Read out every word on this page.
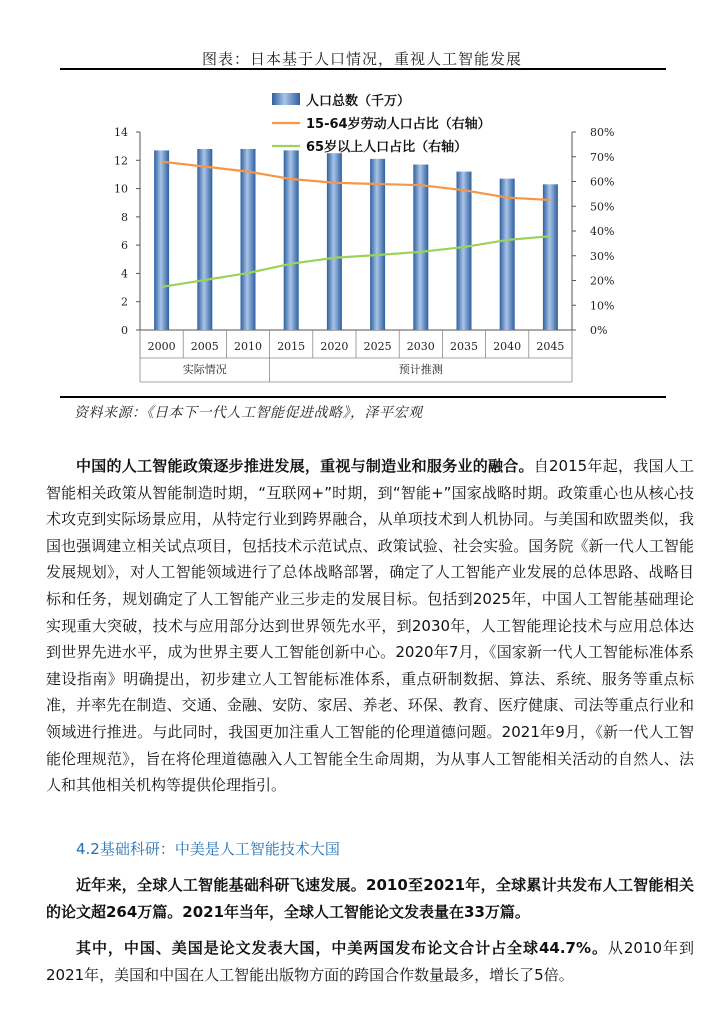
图表：日本基于人口情况，重视人工智能发展
0
2
4
6
8
10
12
14
0%
10%
20%
30%
40%
50%
60%
70%
80%
2000 2005 2010 2015 2020 2025 2030 2035 2040 2045
实际情况	预计推测
人口总数（千万）
15-64岁劳动人口占比（右轴）
65岁以上人口占比（右轴）
资料来源：《日本下一代人工智能促进战略》，泽平宏观

中国的人工智能政策逐步推进发展，重视与制造业和服务业的融合。自2015年起，我国人工智能相关政策从智能制造时期，“互联网+”时期，到“智能+”国家战略时期。政策重心也从核心技术攻克到实际场景应用，从特定行业到跨界融合，从单项技术到人机协同。与美国和欧盟类似，我国也强调建立相关试点项目，包括技术示范试点、政策试验、社会实验。国务院《新一代人工智能发展规划》，对人工智能领域进行了总体战略部署，确定了人工智能产业发展的总体思路、战略目标和任务，规划确定了人工智能产业三步走的发展目标。包括到2025年，中国人工智能基础理论实现重大突破，技术与应用部分达到世界领先水平，到2030年，人工智能理论技术与应用总体达到世界先进水平，成为世界主要人工智能创新中心。2020年7月，《国家新一代人工智能标准体系建设指南》明确提出，初步建立人工智能标准体系，重点研制数据、算法、系统、服务等重点标准，并率先在制造、交通、金融、安防、家居、养老、环保、教育、医疗健康、司法等重点行业和领域进行推进。与此同时，我国更加注重人工智能的伦理道德问题。2021年9月，《新一代人工智能伦理规范》，旨在将伦理道德融入人工智能全生命周期，为从事人工智能相关活动的自然人、法人和其他相关机构等提供伦理指引。

4.2基础科研：中美是人工智能技术大国

近年来，全球人工智能基础科研飞速发展。2010至2021年，全球累计共发布人工智能相关的论文超264万篇。2021年当年，全球人工智能论文发表量在33万篇。

其中，中国、美国是论文发表大国，中美两国发布论文合计占全球44.7%。从2010年到2021年，美国和中国在人工智能出版物方面的跨国合作数量最多，增长了5倍。
